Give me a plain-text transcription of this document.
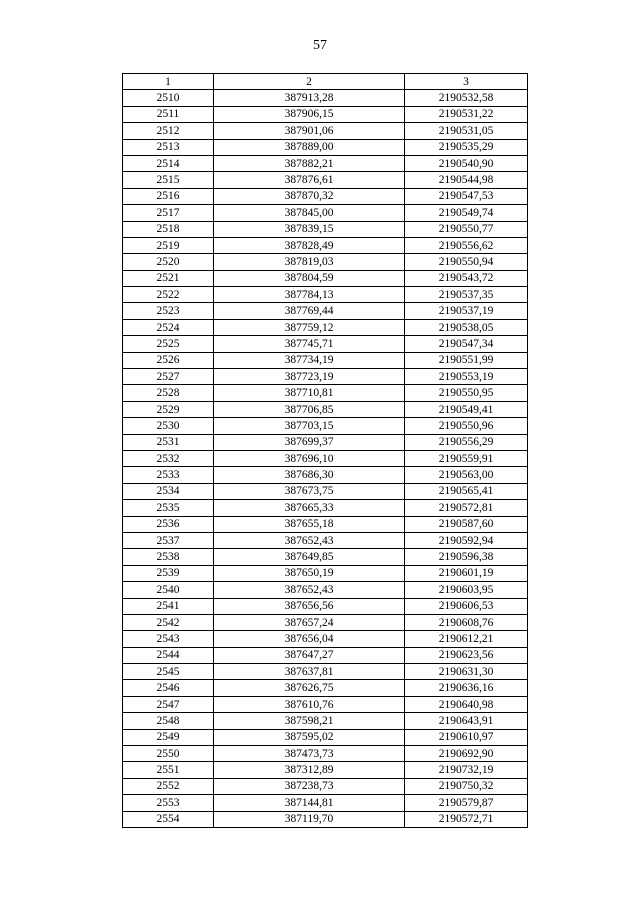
57
1	2	3
2510	387913,28	2190532,58
2511	387906,15	2190531,22
2512	387901,06	2190531,05
2513	387889,00	2190535,29
2514	387882,21	2190540,90
2515	387876,61	2190544,98
2516	387870,32	2190547,53
2517	387845,00	2190549,74
2518	387839,15	2190550,77
2519	387828,49	2190556,62
2520	387819,03	2190550,94
2521	387804,59	2190543,72
2522	387784,13	2190537,35
2523	387769,44	2190537,19
2524	387759,12	2190538,05
2525	387745,71	2190547,34
2526	387734,19	2190551,99
2527	387723,19	2190553,19
2528	387710,81	2190550,95
2529	387706,85	2190549,41
2530	387703,15	2190550,96
2531	387699,37	2190556,29
2532	387696,10	2190559,91
2533	387686,30	2190563,00
2534	387673,75	2190565,41
2535	387665,33	2190572,81
2536	387655,18	2190587,60
2537	387652,43	2190592,94
2538	387649,85	2190596,38
2539	387650,19	2190601,19
2540	387652,43	2190603,95
2541	387656,56	2190606,53
2542	387657,24	2190608,76
2543	387656,04	2190612,21
2544	387647,27	2190623,56
2545	387637,81	2190631,30
2546	387626,75	2190636,16
2547	387610,76	2190640,98
2548	387598,21	2190643,91
2549	387595,02	2190610,97
2550	387473,73	2190692,90
2551	387312,89	2190732,19
2552	387238,73	2190750,32
2553	387144,81	2190579,87
2554	387119,70	2190572,71
